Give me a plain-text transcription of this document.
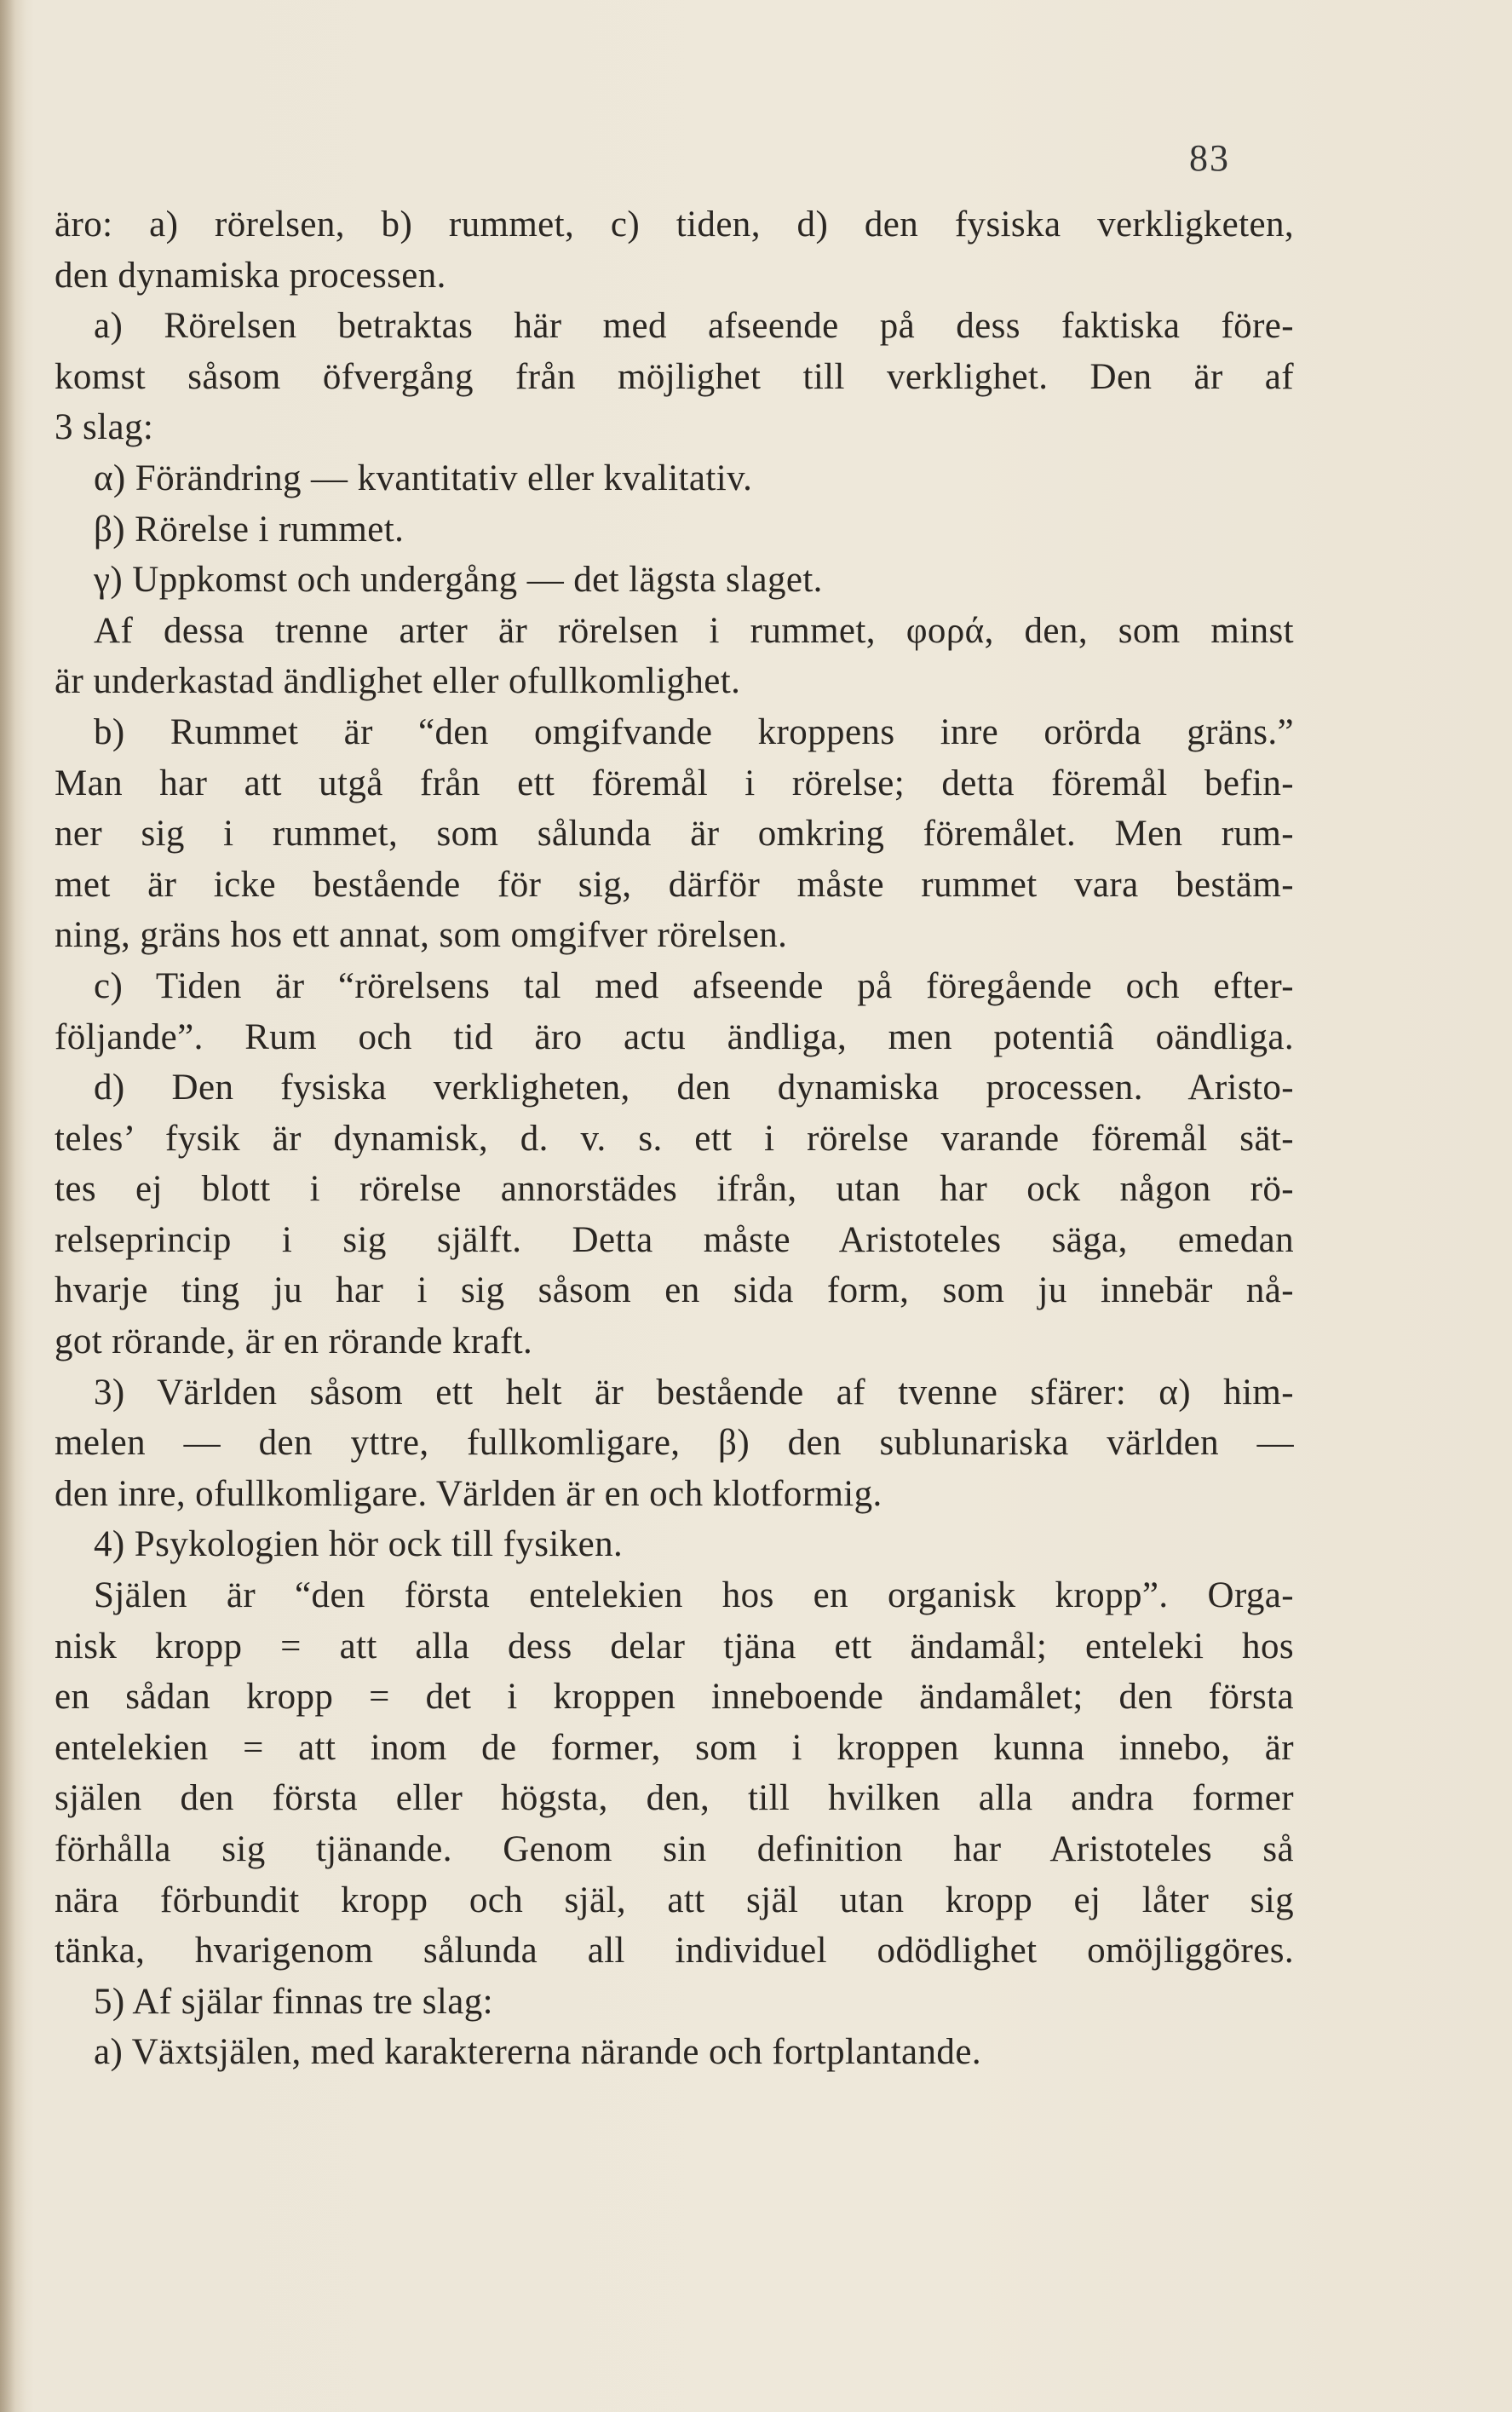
83
äro: a) rörelsen, b) rummet, c) tiden, d) den fysiska verkligketen,
den dynamiska processen.
a) Rörelsen betraktas här med afseende på dess faktiska före-
komst såsom öfvergång från möjlighet till verklighet. Den är af
3 slag:
α) Förändring — kvantitativ eller kvalitativ.
β) Rörelse i rummet.
γ) Uppkomst och undergång — det lägsta slaget.
Af dessa trenne arter är rörelsen i rummet, φορά, den, som minst
är underkastad ändlighet eller ofullkomlighet.
b) Rummet är “den omgifvande kroppens inre orörda gräns.”
Man har att utgå från ett föremål i rörelse; detta föremål befin-
ner sig i rummet, som sålunda är omkring föremålet. Men rum-
met är icke bestående för sig, därför måste rummet vara bestäm-
ning, gräns hos ett annat, som omgifver rörelsen.
c) Tiden är “rörelsens tal med afseende på föregående och efter-
följande”. Rum och tid äro actu ändliga, men potentiâ oändliga.
d) Den fysiska verkligheten, den dynamiska processen. Aristo-
teles’ fysik är dynamisk, d. v. s. ett i rörelse varande föremål sät-
tes ej blott i rörelse annorstädes ifrån, utan har ock någon rö-
relseprincip i sig själft. Detta måste Aristoteles säga, emedan
hvarje ting ju har i sig såsom en sida form, som ju innebär nå-
got rörande, är en rörande kraft.
3) Världen såsom ett helt är bestående af tvenne sfärer: α) him-
melen — den yttre, fullkomligare, β) den sublunariska världen —
den inre, ofullkomligare. Världen är en och klotformig.
4) Psykologien hör ock till fysiken.
Själen är “den första entelekien hos en organisk kropp”. Orga-
nisk kropp = att alla dess delar tjäna ett ändamål; enteleki hos
en sådan kropp = det i kroppen inneboende ändamålet; den första
entelekien = att inom de former, som i kroppen kunna innebo, är
själen den första eller högsta, den, till hvilken alla andra former
förhålla sig tjänande. Genom sin definition har Aristoteles så
nära förbundit kropp och själ, att själ utan kropp ej låter sig
tänka, hvarigenom sålunda all individuel odödlighet omöjliggöres.
5) Af själar finnas tre slag:
a) Växtsjälen, med karaktererna närande och fortplantande.
